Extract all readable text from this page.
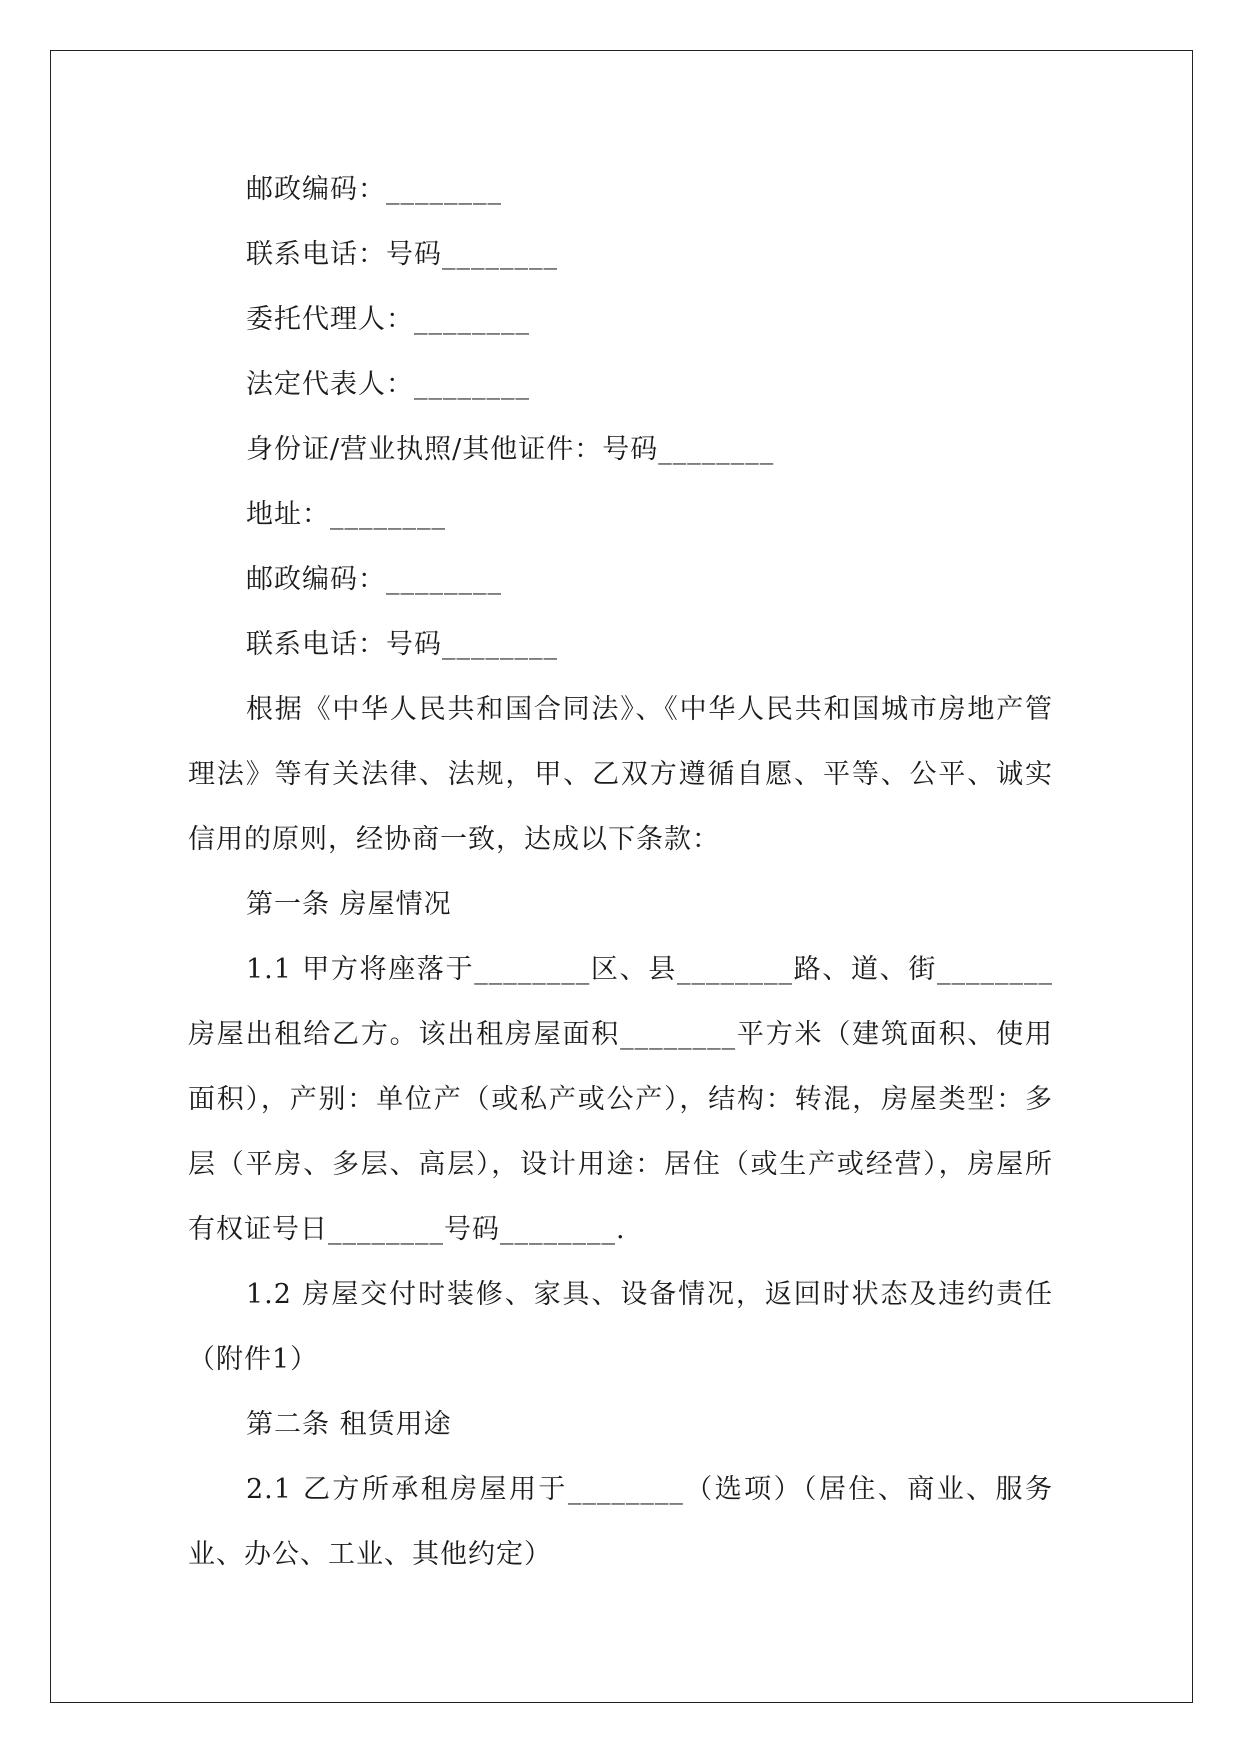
邮政编码：________
联系电话：号码________
委托代理人：________
法定代表人：________
身份证/营业执照/其他证件：号码________
地址：________
邮政编码：________
联系电话：号码________
根据《中华人民共和国合同法》、《中华人民共和国城市房地产管理法》等有关法律、法规，甲、乙双方遵循自愿、平等、公平、诚实信用的原则，经协商一致，达成以下条款：
第一条 房屋情况
1.1 甲方将座落于________区、县________路、道、街________房屋出租给乙方。该出租房屋面积________平方米（建筑面积、使用面积），产别：单位产（或私产或公产），结构：转混，房屋类型：多层（平房、多层、高层），设计用途：居住（或生产或经营），房屋所有权证号日________号码________.
1.2 房屋交付时装修、家具、设备情况，返回时状态及违约责任（附件1）
第二条 租赁用途
2.1 乙方所承租房屋用于________（选项）（居住、商业、服务业、办公、工业、其他约定）
